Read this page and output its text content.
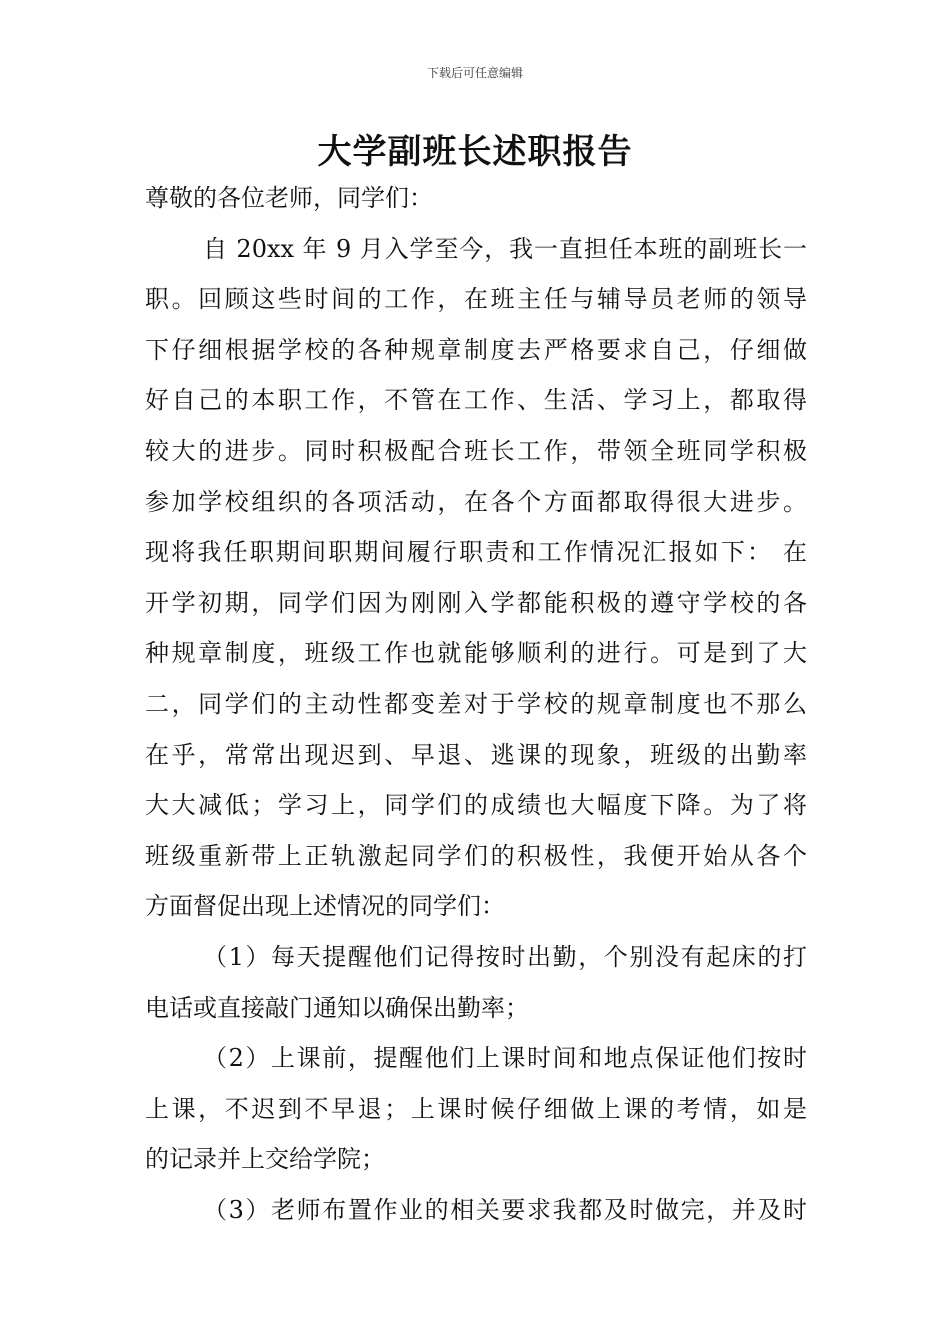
下载后可任意编辑
大学副班长述职报告
尊敬的各位老师，同学们：
自 20xx 年 9 月入学至今，我一直担任本班的副班长一
职。回顾这些时间的工作，在班主任与辅导员老师的领导
下仔细根据学校的各种规章制度去严格要求自己，仔细做
好自己的本职工作，不管在工作、生活、学习上，都取得
较大的进步。同时积极配合班长工作，带领全班同学积极
参加学校组织的各项活动，在各个方面都取得很大进步。
现将我任职期间职期间履行职责和工作情况汇报如下： 在
开学初期，同学们因为刚刚入学都能积极的遵守学校的各
种规章制度，班级工作也就能够顺利的进行。可是到了大
二，同学们的主动性都变差对于学校的规章制度也不那么
在乎，常常出现迟到、早退、逃课的现象，班级的出勤率
大大减低；学习上，同学们的成绩也大幅度下降。为了将
班级重新带上正轨激起同学们的积极性，我便开始从各个
方面督促出现上述情况的同学们：
（1）每天提醒他们记得按时出勤，个别没有起床的打
电话或直接敲门通知以确保出勤率；
（2）上课前，提醒他们上课时间和地点保证他们按时
上课，不迟到不早退；上课时候仔细做上课的考情，如是
的记录并上交给学院；
（3）老师布置作业的相关要求我都及时做完，并及时
